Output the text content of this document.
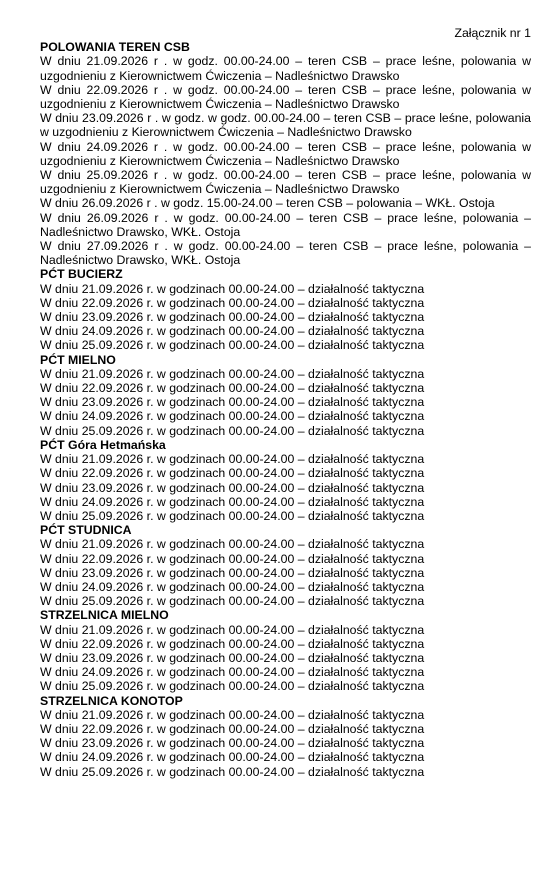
Załącznik nr 1
POLOWANIA TEREN CSB
W dniu 21.09.2026 r . w godz. 00.00-24.00 – teren CSB – prace leśne, polowania w uzgodnieniu z Kierownictwem Ćwiczenia – Nadleśnictwo Drawsko
W dniu 22.09.2026 r . w godz. 00.00-24.00 – teren CSB – prace leśne, polowania w uzgodnieniu z Kierownictwem Ćwiczenia – Nadleśnictwo Drawsko
W dniu 23.09.2026 r . w godz. w godz. 00.00-24.00 – teren CSB – prace leśne, polowania w uzgodnieniu z Kierownictwem Ćwiczenia – Nadleśnictwo Drawsko
W dniu 24.09.2026 r . w godz. 00.00-24.00 – teren CSB – prace leśne, polowania w uzgodnieniu z Kierownictwem Ćwiczenia – Nadleśnictwo Drawsko
W dniu 25.09.2026 r . w godz. 00.00-24.00 – teren CSB – prace leśne, polowania w uzgodnieniu z Kierownictwem Ćwiczenia – Nadleśnictwo Drawsko
W dniu 26.09.2026 r . w godz. 15.00-24.00 – teren CSB – polowania – WKŁ. Ostoja
W dniu 26.09.2026 r . w godz. 00.00-24.00 – teren CSB – prace leśne, polowania – Nadleśnictwo Drawsko, WKŁ. Ostoja
W dniu 27.09.2026 r . w godz. 00.00-24.00 – teren CSB – prace leśne, polowania – Nadleśnictwo Drawsko, WKŁ. Ostoja
PĆT BUCIERZ
W dniu 21.09.2026 r. w godzinach 00.00-24.00 – działalność taktyczna
W dniu 22.09.2026 r. w godzinach 00.00-24.00 – działalność taktyczna
W dniu 23.09.2026 r. w godzinach 00.00-24.00 – działalność taktyczna
W dniu 24.09.2026 r. w godzinach 00.00-24.00 – działalność taktyczna
W dniu 25.09.2026 r. w godzinach 00.00-24.00 – działalność taktyczna
PĆT MIELNO
W dniu 21.09.2026 r. w godzinach 00.00-24.00 – działalność taktyczna
W dniu 22.09.2026 r. w godzinach 00.00-24.00 – działalność taktyczna
W dniu 23.09.2026 r. w godzinach 00.00-24.00 – działalność taktyczna
W dniu 24.09.2026 r. w godzinach 00.00-24.00 – działalność taktyczna
W dniu 25.09.2026 r. w godzinach 00.00-24.00 – działalność taktyczna
PĆT Góra Hetmańska
W dniu 21.09.2026 r. w godzinach 00.00-24.00 – działalność taktyczna
W dniu 22.09.2026 r. w godzinach 00.00-24.00 – działalność taktyczna
W dniu 23.09.2026 r. w godzinach 00.00-24.00 – działalność taktyczna
W dniu 24.09.2026 r. w godzinach 00.00-24.00 – działalność taktyczna
W dniu 25.09.2026 r. w godzinach 00.00-24.00 – działalność taktyczna
PĆT STUDNICA
W dniu 21.09.2026 r. w godzinach 00.00-24.00 – działalność taktyczna
W dniu 22.09.2026 r. w godzinach 00.00-24.00 – działalność taktyczna
W dniu 23.09.2026 r. w godzinach 00.00-24.00 – działalność taktyczna
W dniu 24.09.2026 r. w godzinach 00.00-24.00 – działalność taktyczna
W dniu 25.09.2026 r. w godzinach 00.00-24.00 – działalność taktyczna
STRZELNICA MIELNO
W dniu 21.09.2026 r. w godzinach 00.00-24.00 – działalność taktyczna
W dniu 22.09.2026 r. w godzinach 00.00-24.00 – działalność taktyczna
W dniu 23.09.2026 r. w godzinach 00.00-24.00 – działalność taktyczna
W dniu 24.09.2026 r. w godzinach 00.00-24.00 – działalność taktyczna
W dniu 25.09.2026 r. w godzinach 00.00-24.00 – działalność taktyczna
STRZELNICA KONOTOP
W dniu 21.09.2026 r. w godzinach 00.00-24.00 – działalność taktyczna
W dniu 22.09.2026 r. w godzinach 00.00-24.00 – działalność taktyczna
W dniu 23.09.2026 r. w godzinach 00.00-24.00 – działalność taktyczna
W dniu 24.09.2026 r. w godzinach 00.00-24.00 – działalność taktyczna
W dniu 25.09.2026 r. w godzinach 00.00-24.00 – działalność taktyczna
